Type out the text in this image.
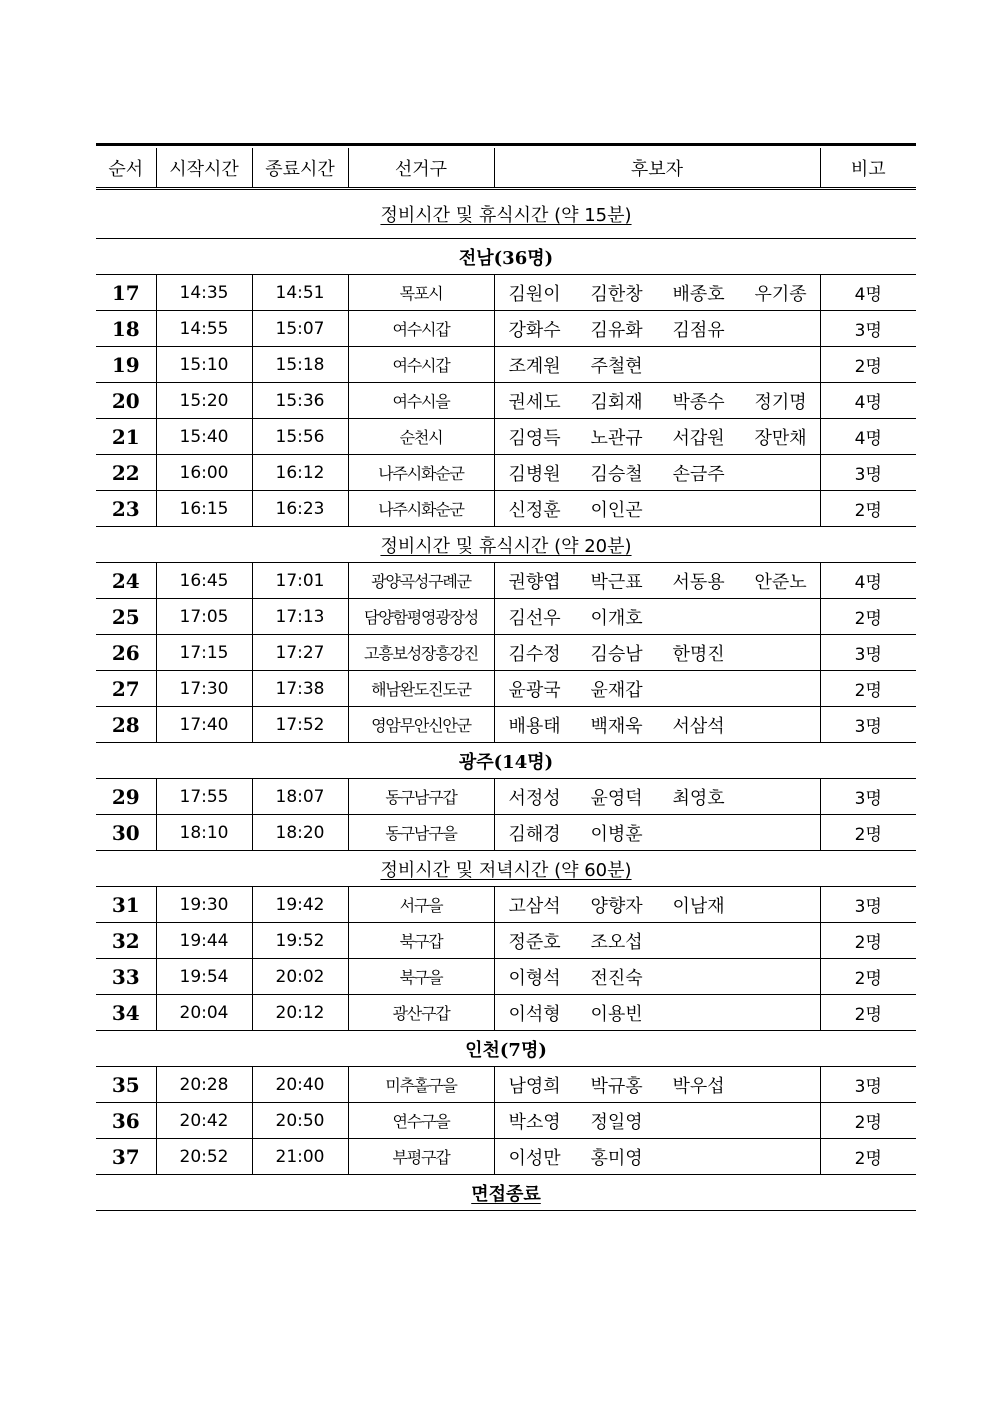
순서	시작시간	종료시간	선거구	후보자	비고
정비시간 및 휴식시간 (약 15분)					
전남(36명)					
17	14:35	14:51	목포시	김원이 김한창 배종호 우기종	4명
18	14:55	15:07	여수시갑	강화수 김유화 김점유	3명
19	15:10	15:18	여수시갑	조계원 주철현	2명
20	15:20	15:36	여수시을	권세도 김회재 박종수 정기명	4명
21	15:40	15:56	순천시	김영득 노관규 서갑원 장만채	4명
22	16:00	16:12	나주시화순군	김병원 김승철 손금주	3명
23	16:15	16:23	나주시화순군	신정훈 이인곤	2명
정비시간 및 휴식시간 (약 20분)					
24	16:45	17:01	광양곡성구례군	권향엽 박근표 서동용 안준노	4명
25	17:05	17:13	담양함평영광장성	김선우 이개호	2명
26	17:15	17:27	고흥보성장흥강진	김수정 김승남 한명진	3명
27	17:30	17:38	해남완도진도군	윤광국 윤재갑	2명
28	17:40	17:52	영암무안신안군	배용태 백재욱 서삼석	3명
광주(14명)					
29	17:55	18:07	동구남구갑	서정성 윤영덕 최영호	3명
30	18:10	18:20	동구남구을	김해경 이병훈	2명
정비시간 및 저녁시간 (약 60분)					
31	19:30	19:42	서구을	고삼석 양향자 이남재	3명
32	19:44	19:52	북구갑	정준호 조오섭	2명
33	19:54	20:02	북구을	이형석 전진숙	2명
34	20:04	20:12	광산구갑	이석형 이용빈	2명
인천(7명)					
35	20:28	20:40	미추홀구을	남영희 박규홍 박우섭	3명
36	20:42	20:50	연수구을	박소영 정일영	2명
37	20:52	21:00	부평구갑	이성만 홍미영	2명
면접종료					
